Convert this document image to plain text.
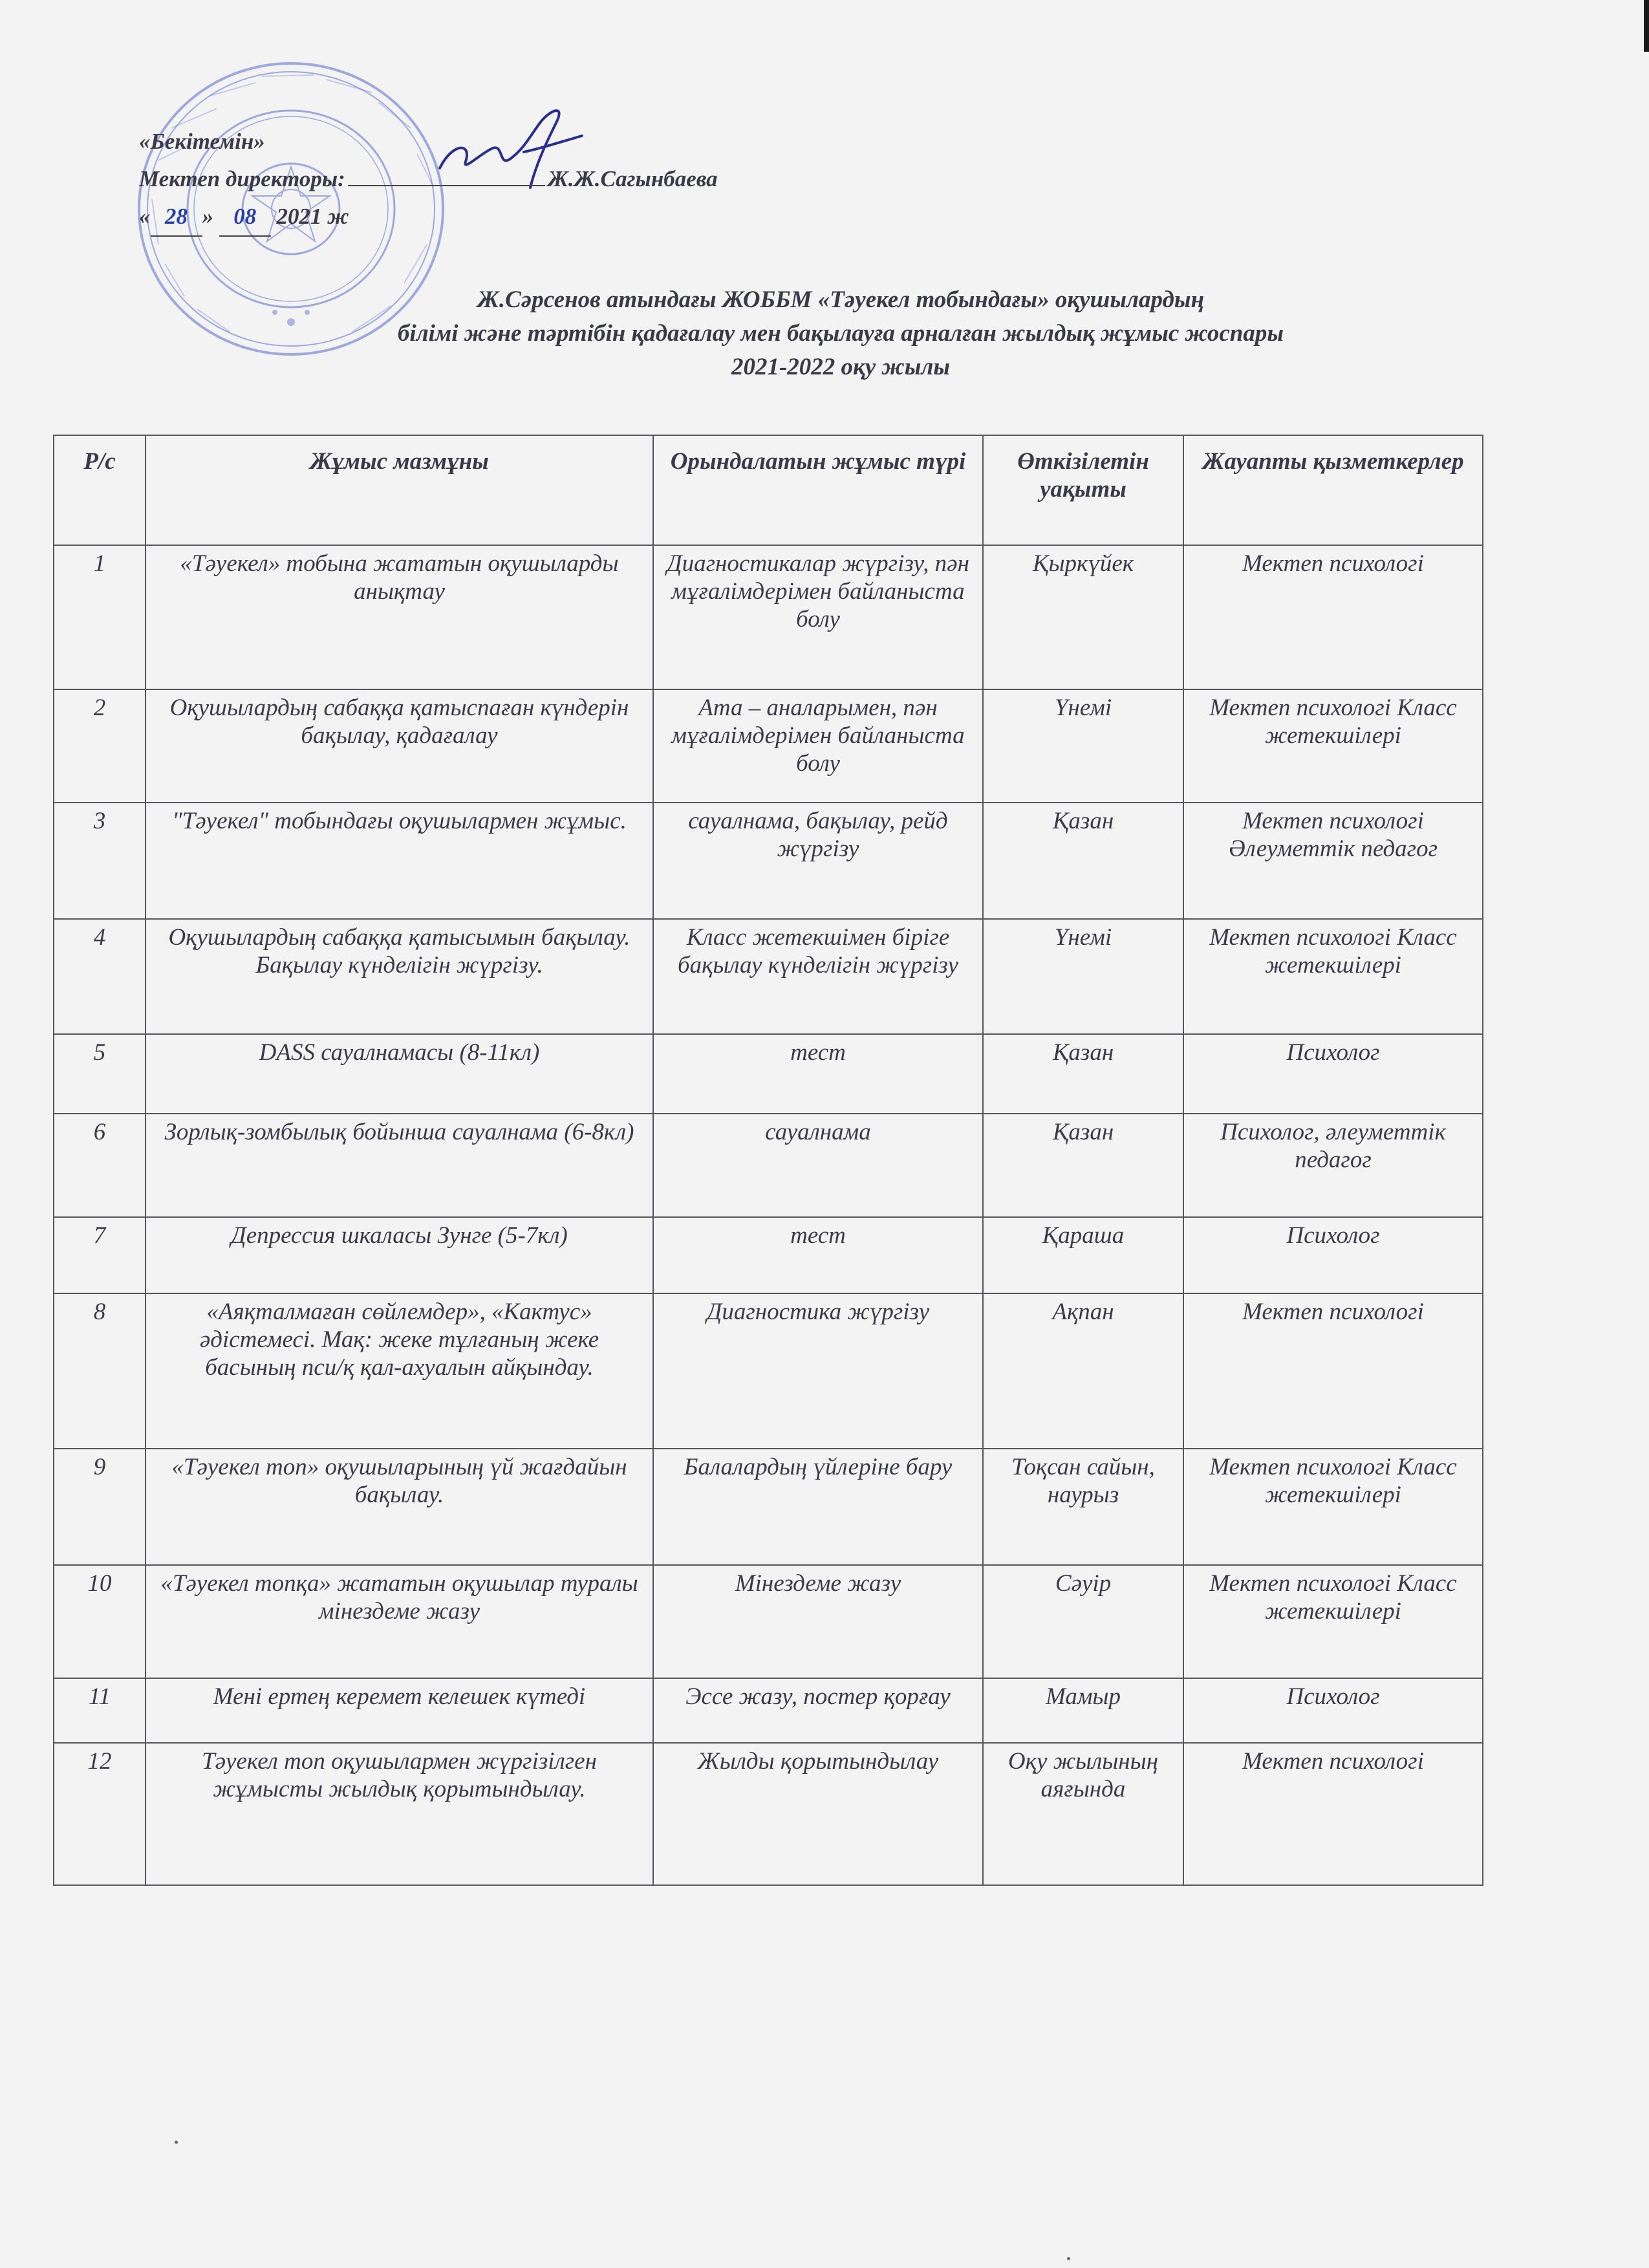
«Бекітемін»
Мектеп директоры:	Ж.Ж.Сагынбаева
« 28 » 08 2021 ж
Ж.Сәрсенов атындағы ЖОББМ «Тәуекел тобындағы» оқушылардың
білімі және тәртібін қадағалау мен бақылауға арналған жылдық жұмыс жоспары
2021-2022 оқу жылы
Р/с	Жұмыс мазмұны	Орындалатын жұмыс түрі	Өткізілетін уақыты	Жауапты қызметкерлер
1	«Тәуекел» тобына жататын оқушыларды анықтау	Диагностикалар жүргізу, пән мұғалімдерімен байланыста болу	Қыркүйек	Мектеп психологі
2	Оқушылардың сабаққа қатыспаған күндерін бақылау, қадағалау	Ата – аналарымен, пән мұғалімдерімен байланыста болу	Үнемі	Мектеп психологі Класс жетекшілері
3	"Тәуекел" тобындағы оқушылармен жұмыс.	сауалнама, бақылау, рейд жүргізу	Қазан	Мектеп психологі Әлеуметтік педагог
4	Оқушылардың сабаққа қатысымын бақылау. Бақылау күнделігін жүргізу.	Класс жетекшімен біріге бақылау күнделігін жүргізу	Үнемі	Мектеп психологі Класс жетекшілері
5	DASS сауалнамасы (8-11кл)	тест	Қазан	Психолог
6	Зорлық-зомбылық бойынша сауалнама (6-8кл)	сауалнама	Қазан	Психолог, әлеуметтік педагог
7	Депрессия шкаласы Зунге (5-7кл)	тест	Қараша	Психолог
8	«Аяқталмаған сөйлемдер», «Кактус» әдістемесі. Мақ: жеке тұлғаның жеке басының пси/қ қал-ахуалын айқындау.	Диагностика жүргізу	Ақпан	Мектеп психологі
9	«Тәуекел топ» оқушыларының үй жағдайын бақылау.	Балалардың үйлеріне бару	Тоқсан сайын, наурыз	Мектеп психологі Класс жетекшілері
10	«Тәуекел топқа» жататын оқушылар туралы мінездеме жазу	Мінездеме жазу	Сәуір	Мектеп психологі Класс жетекшілері
11	Мені ертең керемет келешек күтеді	Эссе жазу, постер қорғау	Мамыр	Психолог
12	Тәуекел топ оқушылармен жүргізілген жұмысты жылдық қорытындылау.	Жылды қорытындылау	Оқу жылының аяғында	Мектеп психологі
